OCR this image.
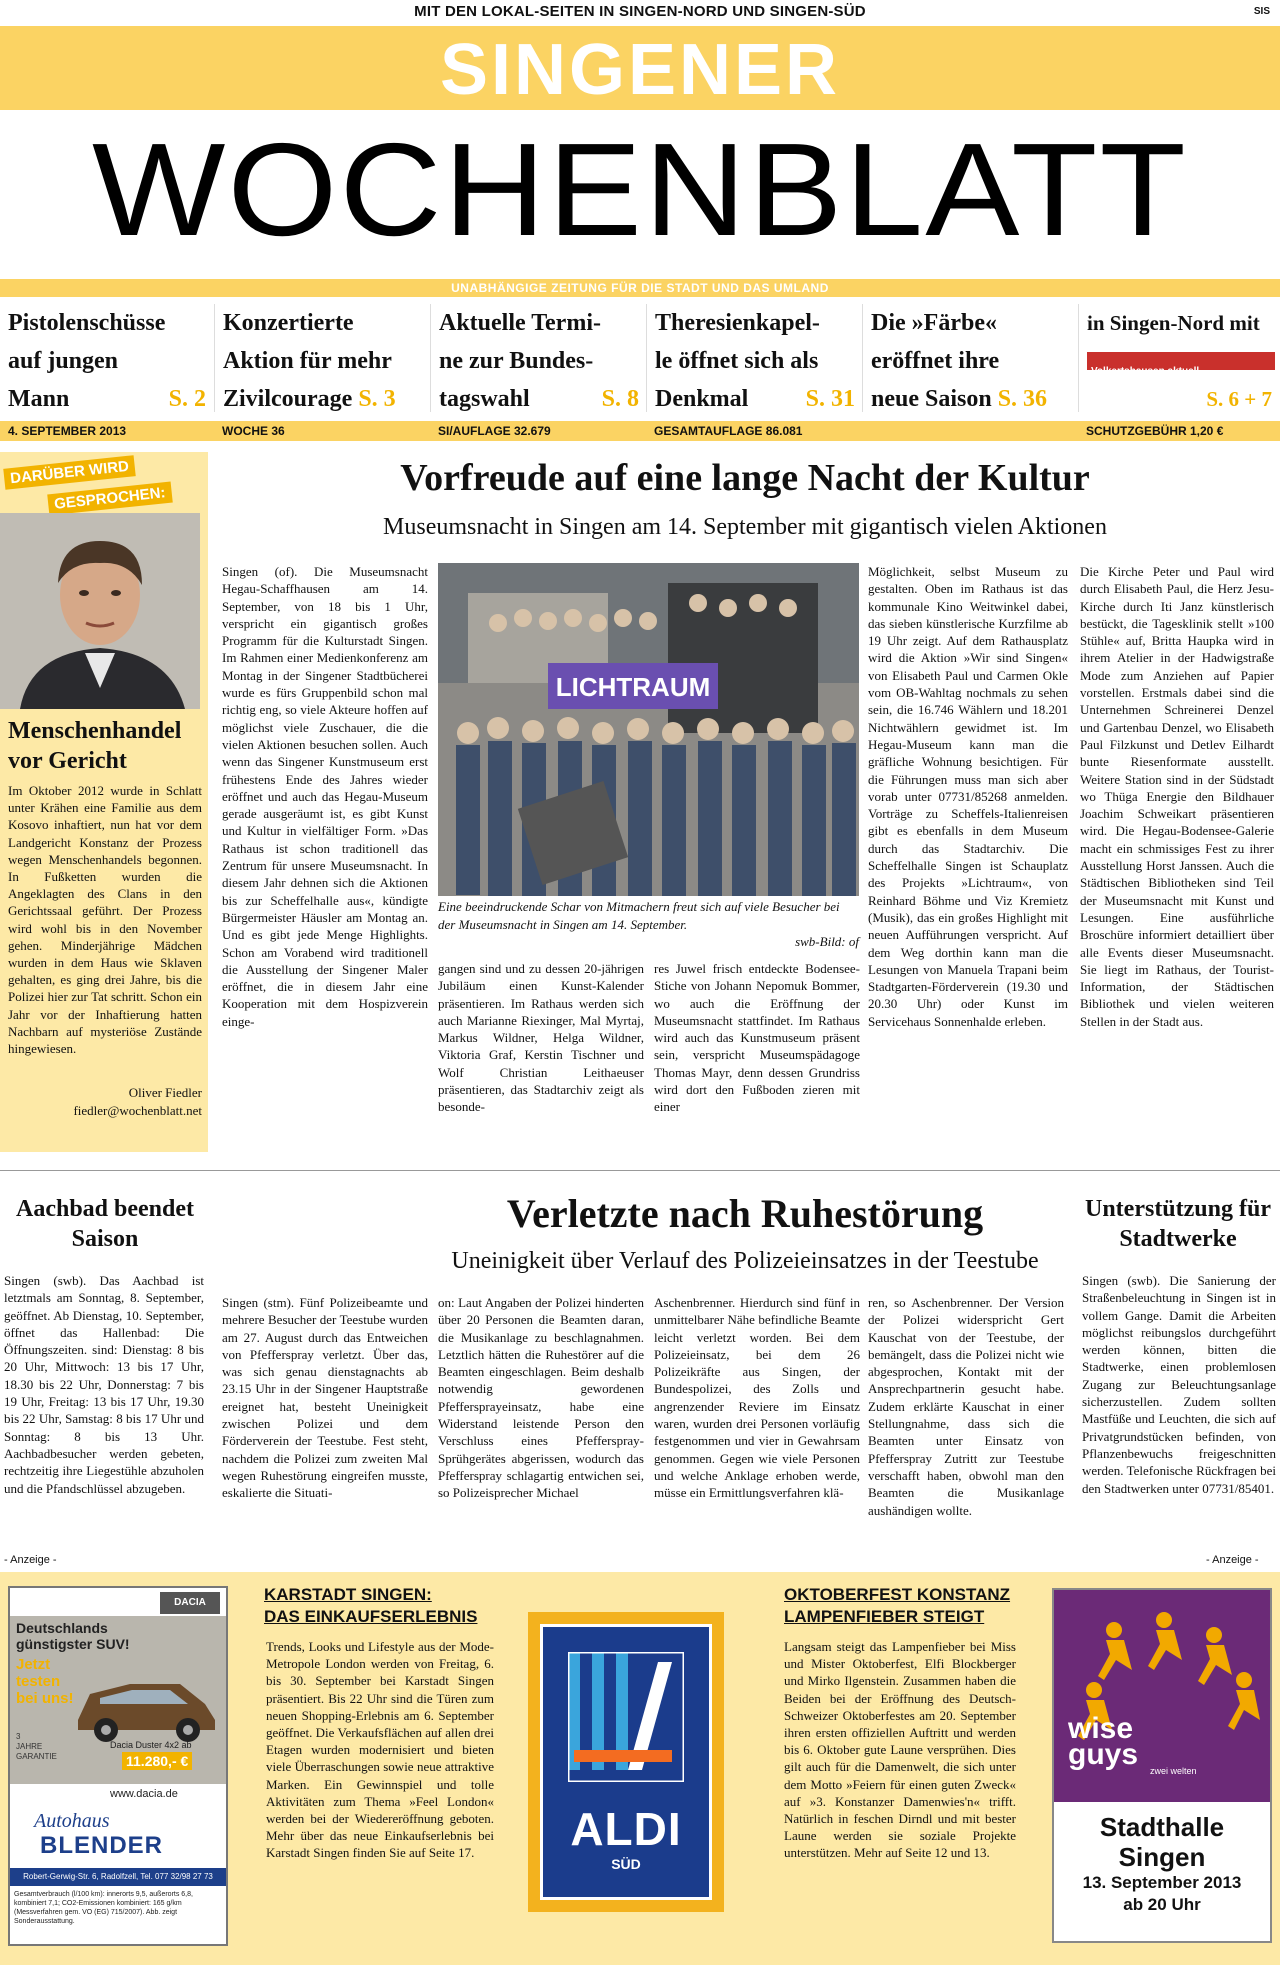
MIT DEN LOKAL-SEITEN IN SINGEN-NORD UND SINGEN-SÜD	SIS
SINGENER
WOCHENBLATT
UNABHÄNGIGE ZEITUNG FÜR DIE STADT UND DAS UMLAND
Pistolenschüsse
auf jungen
Mann	S. 2
Konzertierte
Aktion für mehr
Zivilcourage S. 3
Aktuelle Termi-
ne zur Bundes-
tagswahl	S. 8
Theresienkapel-
le öffnet sich als
Denkmal S. 31
Die »Färbe«
eröffnet ihre
neue Saison S. 36
in Singen-Nord mit
Volkertshausen aktuell
S. 6 + 7
4. SEPTEMBER 2013	WOCHE 36	SI/AUFLAGE 32.679	GESAMTAUFLAGE 86.081	SCHUTZGEBÜHR 1,20 €
DARÜBER WIRD
GESPROCHEN:
Menschenhandel vor Gericht
Im Oktober 2012 wurde in Schlatt unter Krähen eine Familie aus dem Kosovo inhaftiert, nun hat vor dem Landgericht Konstanz der Prozess wegen Menschenhandels begonnen. In Fußketten wurden die Angeklagten des Clans in den Gerichtssaal geführt. Der Prozess wird wohl bis in den November gehen. Minderjährige Mädchen wurden in dem Haus wie Sklaven gehalten, es ging drei Jahre, bis die Polizei hier zur Tat schritt. Schon ein Jahr vor der Inhaftierung hatten Nachbarn auf mysteriöse Zustände hingewiesen.
Oliver Fiedler
fiedler@wochenblatt.net
Vorfreude auf eine lange Nacht der Kultur
Museumsnacht in Singen am 14. September mit gigantisch vielen Aktionen
Singen (of). Die Museumsnacht Hegau-Schaffhausen am 14. September, von 18 bis 1 Uhr, verspricht ein gigantisch großes Programm für die Kulturstadt Singen. Im Rahmen einer Medienkonferenz am Montag in der Singener Stadtbücherei wurde es fürs Gruppenbild schon mal richtig eng, so viele Akteure hoffen auf möglichst viele Zuschauer, die die vielen Aktionen besuchen sollen. Auch wenn das Singener Kunstmuseum erst frühestens Ende des Jahres wieder eröffnet und auch das Hegau-Museum gerade ausgeräumt ist, es gibt Kunst und Kultur in vielfältiger Form. »Das Rathaus ist schon traditionell das Zentrum für unsere Museumsnacht. In diesem Jahr dehnen sich die Aktionen bis zur Scheffelhalle aus«, kündigte Bürgermeister Häusler am Montag an. Und es gibt jede Menge Highlights. Schon am Vorabend wird traditionell die Ausstellung der Singener Maler eröffnet, die in diesem Jahr eine Kooperation mit dem Hospizverein einge-
LICHTRAUM
Eine beeindruckende Schar von Mitmachern freut sich auf viele Besucher bei der Museumsnacht in Singen am 14. September.
swb-Bild: of
gangen sind und zu dessen 20-jährigen Jubiläum einen Kunst-Kalender präsentieren. Im Rathaus werden sich auch Marianne Riexinger, Mal Myrtaj, Markus Wildner, Helga Wildner, Viktoria Graf, Kerstin Tischner und Wolf Christian Leithaeuser präsentieren, das Stadtarchiv zeigt als besonde-
res Juwel frisch entdeckte Bodensee-Stiche von Johann Nepomuk Bommer, wo auch die Eröffnung der Museumsnacht stattfindet. Im Rathaus wird auch das Kunstmuseum präsent sein, verspricht Museumspädagoge Thomas Mayr, denn dessen Grundriss wird dort den Fußboden zieren mit einer
Möglichkeit, selbst Museum zu gestalten. Oben im Rathaus ist das kommunale Kino Weitwinkel dabei, das sieben künstlerische Kurzfilme ab 19 Uhr zeigt. Auf dem Rathausplatz wird die Aktion »Wir sind Singen« von Elisabeth Paul und Carmen Okle vom OB-Wahltag nochmals zu sehen sein, die 16.746 Wählern und 18.201 Nichtwählern gewidmet ist. Im Hegau-Museum kann man die gräfliche Wohnung besichtigen. Für die Führungen muss man sich aber vorab unter 07731/85268 anmelden. Vorträge zu Scheffels-Italienreisen gibt es ebenfalls in dem Museum durch das Stadtarchiv. Die Scheffelhalle Singen ist Schauplatz des Projekts »Lichtraum«, von Reinhard Böhme und Viz Kremietz (Musik), das ein großes Highlight mit neuen Aufführungen verspricht. Auf dem Weg dorthin kann man die Lesungen von Manuela Trapani beim Stadtgarten-Förderverein (19.30 und 20.30 Uhr) oder Kunst im Servicehaus Sonnenhalde erleben.
Die Kirche Peter und Paul wird durch Elisabeth Paul, die Herz Jesu-Kirche durch Iti Janz künstlerisch bestückt, die Tagesklinik stellt »100 Stühle« auf, Britta Haupka wird in ihrem Atelier in der Hadwigstraße Mode zum Anziehen auf Papier vorstellen. Erstmals dabei sind die Unternehmen Schreinerei Denzel und Gartenbau Denzel, wo Elisabeth Paul Filzkunst und Detlev Eilhardt bunte Riesenformate ausstellt. Weitere Station sind in der Südstadt wo Thüga Energie den Bildhauer Joachim Schweikart präsentieren wird. Die Hegau-Bodensee-Galerie macht ein schmissiges Fest zu ihrer Ausstellung Horst Janssen. Auch die Städtischen Bibliotheken sind Teil der Museumsnacht mit Kunst und Lesungen. Eine ausführliche Broschüre informiert detailliert über alle Events dieser Museumsnacht. Sie liegt im Rathaus, der Tourist-Information, der Städtischen Bibliothek und vielen weiteren Stellen in der Stadt aus.
Aachbad beendet Saison
Singen (swb). Das Aachbad ist letztmals am Sonntag, 8. September, geöffnet. Ab Dienstag, 10. September, öffnet das Hallenbad: Die Öffnungszeiten. sind: Dienstag: 8 bis 20 Uhr, Mittwoch: 13 bis 17 Uhr, 18.30 bis 22 Uhr, Donnerstag: 7 bis 19 Uhr, Freitag: 13 bis 17 Uhr, 19.30 bis 22 Uhr, Samstag: 8 bis 17 Uhr und Sonntag: 8 bis 13 Uhr. Aachbadbesucher werden gebeten, rechtzeitig ihre Liegestühle abzuholen und die Pfandschlüssel abzugeben.
- Anzeige -
Verletzte nach Ruhestörung
Uneinigkeit über Verlauf des Polizeieinsatzes in der Teestube
Singen (stm). Fünf Polizeibeamte und mehrere Besucher der Teestube wurden am 27. August durch das Entweichen von Pfefferspray verletzt. Über das, was sich genau dienstagnachts ab 23.15 Uhr in der Singener Hauptstraße ereignet hat, besteht Uneinigkeit zwischen Polizei und dem Förderverein der Teestube. Fest steht, nachdem die Polizei zum zweiten Mal wegen Ruhestörung eingreifen musste, eskalierte die Situati-
on: Laut Angaben der Polizei hinderten über 20 Personen die Beamten daran, die Musikanlage zu beschlagnahmen. Letztlich hätten die Ruhestörer auf die Beamten eingeschlagen. Beim deshalb notwendig gewordenen Pfeffersprayeinsatz, habe eine Widerstand leistende Person den Verschluss eines Pfefferspray-Sprühgerätes abgerissen, wodurch das Pfefferspray schlagartig entwichen sei, so Polizeisprecher Michael
Aschenbrenner. Hierdurch sind fünf in unmittelbarer Nähe befindliche Beamte leicht verletzt worden. Bei dem Polizeieinsatz, bei dem 26 Polizeikräfte aus Singen, der Bundespolizei, des Zolls und angrenzender Reviere im Einsatz waren, wurden drei Personen vorläufig festgenommen und vier in Gewahrsam genommen. Gegen wie viele Personen und welche Anklage erhoben werde, müsse ein Ermittlungsverfahren klä-
ren, so Aschenbrenner. Der Version der Polizei widerspricht Gert Kauschat von der Teestube, der bemängelt, dass die Polizei nicht wie abgesprochen, Kontakt mit der Ansprechpartnerin gesucht habe. Zudem erklärte Kauschat in einer Stellungnahme, dass sich die Beamten unter Einsatz von Pfefferspray Zutritt zur Teestube verschafft haben, obwohl man den Beamten die Musikanlage aushändigen wollte.
Unterstützung für Stadtwerke
Singen (swb). Die Sanierung der Straßenbeleuchtung in Singen ist in vollem Gange. Damit die Arbeiten möglichst reibungslos durchgeführt werden können, bitten die Stadtwerke, einen problemlosen Zugang zur Beleuchtungsanlage sicherzustellen. Zudem sollten Mastfüße und Leuchten, die sich auf Privatgrundstücken befinden, von Pflanzenbewuchs freigeschnitten werden. Telefonische Rückfragen bei den Stadtwerken unter 07731/85401.
- Anzeige -
DACIA
Deutschlands
günstigster SUV!
Jetzt
testen
bei uns!
3 JAHRE GARANTIE
Dacia Duster 4x2 ab
11.280,- €
www.dacia.de
Autohaus
BLENDER
Robert-Gerwig-Str. 6, Radolfzell, Tel. 077 32/98 27 73
Gesamtverbrauch (l/100 km): innerorts 9,5, außerorts 6,8, kombiniert 7,1; CO2-Emissionen kombiniert: 165 g/km (Messverfahren gem. VO (EG) 715/2007). Abb. zeigt Sonderausstattung.
KARSTADT SINGEN:
DAS EINKAUFSERLEBNIS
Trends, Looks und Lifestyle aus der Mode-Metropole London werden von Freitag, 6. bis 30. September bei Karstadt Singen präsentiert. Bis 22 Uhr sind die Türen zum neuen Shopping-Erlebnis am 6. September geöffnet. Die Verkaufsflächen auf allen drei Etagen wurden modernisiert und bieten viele Überraschungen sowie neue attraktive Marken. Ein Gewinnspiel und tolle Aktivitäten zum Thema »Feel London« werden bei der Wiedereröffnung geboten. Mehr über das neue Einkaufserlebnis bei Karstadt Singen finden Sie auf Seite 17.	ALDI
SÜD
OKTOBERFEST KONSTANZ
LAMPENFIEBER STEIGT
Langsam steigt das Lampenfieber bei Miss und Mister Oktoberfest, Elfi Blockberger und Mirko Ilgenstein. Zusammen haben die Beiden bei der Eröffnung des Deutsch-Schweizer Oktoberfestes am 20. September ihren ersten offiziellen Auftritt und werden bis 6. Oktober gute Laune versprühen. Dies gilt auch für die Damenwelt, die sich unter dem Motto »Feiern für einen guten Zweck« auf »3. Konstanzer Damenwies'n« trifft. Natürlich in feschen Dirndl und mit bester Laune werden sie soziale Projekte unterstützen. Mehr auf Seite 12 und 13.
wise
guys zwei welten
Stadthalle
Singen
13. September 2013
ab 20 Uhr
